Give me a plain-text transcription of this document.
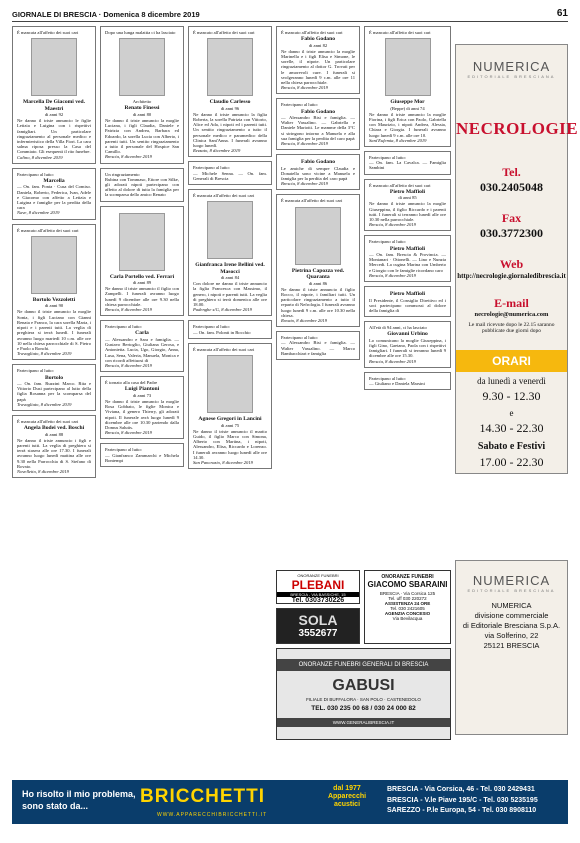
GIORNALE DI BRESCIA · Domenica 8 dicembre 2019	61
È mancata all'affetto dei suoi cari
Marcella De Giacomi ved. Maestri
di anni 92
Ne danno il triste annuncio le figlie Letizia e Luigina con i rispettivi famigliari. Un particolare ringraziamento al personale medico e infermieristico della Villa Fiori. La cara salma riposa presso la Casa del Commiato. Gli esequenti il rito funebre.
Calino, 8 dicembre 2019
Partecipano al lutto:
Marcella
— On. fam. Ponta · Cusa del Comiso. Daniela, Roberto, Federica, Ivan, Adele e Giacomo con affetto a Letizia e Luigina e famiglie per la perdita della cara
Nave, 8 dicembre 2019
È mancato all'affetto dei suoi cari
Bortolo Vezzoletti
di anni 90
Ne danno il triste annuncio la moglie Sonia, i figli Luciano con Gianni Renata e Franco, la cara sorella Maria, i nipoti e i parenti tutti. La veglia di preghiera si terrà lunedì. I funerali avranno luogo martedì 10 c.m. alle ore 10 nella chiesa parrocchiale di S. Pietro e Paolo a Ronchi.
Travagliato, 8 dicembre 2019
Partecipano al lutto:
Bortolo
— On. fam. Ruzzini Marco. Rita e Vittorio Dusi partecipano al lutto della figlia Rosanna per la scomparsa del papà
Travagliato, 8 dicembre 2019
È mancata all'affetto dei suoi cari
Angela Bodei ved. Boschi
di anni 88
Ne danno il triste annuncio i figli e parenti tutti. La veglia di preghiera si terrà stasera alle ore 17.30. I funerali avranno luogo lunedì mattina alle ore 9.30 nella Parrocchia di S. Stefano di Rovato.
Novelletto, 8 dicembre 2019
Dopo una lunga malattia ci ha lasciato
Architetto
Renato Finessi
di anni 80
Ne danno il triste annuncio la moglie Luciana, i figli Claudia, Daniele e Patrizia con Andrea, Barbara ed Edoardo, la sorella Lucia con Alberto, i parenti tutti. Un sentito ringraziamento a tutto il personale del Hospice San Camillo.
Brescia, 8 dicembre 2019
Un ringraziamento
Rubina con Tommaso, Ettore con Silke, gli adorati nipoti partecipano con affetto al dolore di tutta la famiglia per la scomparsa dello amico Renato
Carla Portello ved. Ferrari
di anni 89
Ne danno il triste annuncio il figlio con Zampelli. I funerali avranno luogo lunedì 9 dicembre alle ore 9.30 nella chiesa parrocchiale.
Brescia, 8 dicembre 2019
Partecipano al lutto:
Carla
— Alessandro e Sara e famiglia. — Gustavo Bertoglio, Giuliana Gerosa, e Antonietta. Lucia, Ugo, Giorgio, Anna, Lusa, Sena, Valeria, Manuela, Monica e con ricordi affettuosi di
Brescia, 8 dicembre 2019
È tornato alla casa del Padre
Luigi Piantoni
di anni 73
Ne danno il triste annuncio la moglie Rosa Gobbato, le figlie Monica e Viviana, il genero Thierry, gli adorati nipoti. Il funerale avrà luogo lunedì 9 dicembre alle ore 10.30 partendo dalla Domus Salutis.
Brescia, 8 dicembre 2019
Partecipano al lutto:
— Gianfranco Zammarchi e Michela Bontempi
È mancato all'affetto dei suoi cari
Claudio Carlesso
di anni 96
Ne danno il triste annuncio la figlia Roberta, la sorella Patrizia con Vittorio, Alice ed Ada, i nipoti ed i parenti tutti. Un sentito ringraziamento a tutto il personale medico e paramedico della Clinica Sant'Anna. I funerali avranno luogo lunedì.
Rezzato, 8 dicembre 2019
Partecipano al lutto:
— Michele Senna. — On. fam. Generali di Brescia
È mancata all'affetto dei suoi cari
Gianfranca Irene Bellini ved. Masocci
di anni 84
Con dolore ne danno il triste annuncio la figlia Francesca con Massimo, il genero, i nipoti e parenti tutti. La veglia di preghiera si terrà domenica alle ore 18.00.
Padenghe s/G, 8 dicembre 2019
Partecipano al lutto:
— On. fam. Polonti in Bocchio
È mancata all'affetto dei suoi cari
Agnese Gregori in Lancini
di anni 75
Ne danno il triste annuncio il marito Guido, il figlio Marco con Simona, Alberto con Martina, i nipoti, Alessandro, Elisa, Riccardo e Lorenzo. I funerali avranno luogo lunedì alle ore 14.30.
San Pancrazio, 8 dicembre 2019
È mancato all'affetto dei suoi cari
Fabio Godano
di anni 82
Ne danno il triste annuncio la moglie Marinella e i figli Elisa e Simone, le sorelle, il nipote. Un particolare ringraziamento al dottor G. Trovati per le amorevoli cure. I funerali si svolgeranno lunedì 9 c.m. alle ore 11 nella chiesa parrocchiale.
Brescia, 8 dicembre 2019
Partecipano al lutto:
Fabio Godano
— Alessandro Bisi e famiglia. — Walter Vassalino. — Gabriella e Daniele Mariotti. Le mamme della 3°C si stringono intorno a Manuela e alla sua famiglia per la perdita del caro papà
Brescia, 8 dicembre 2019
Fabio Godano
Le amiche di sempre Claudia e Donatella sono vicine a Manuela e famiglia per la perdita del caro papà
Brescia, 8 dicembre 2019
È mancata all'affetto dei suoi cari
Pietrina Capozza ved. Quaranta
di anni 86
Ne danno il triste annuncio il figlio Rocco, il nipote, i familiari tutti. Un particolare ringraziamento a tutto il reparto di Nefrologia. I funerali avranno luogo lunedì 9 c.m. alle ore 10.30 nella chiesa.
Rovato, 8 dicembre 2019
Partecipano al lutto:
— Alessandro Bisi e famiglia. — Walter Vassalino. — Marco Bambacchiari e famiglia
È mancato all'affetto dei suoi cari
Giuseppe Mor
(Beppe) di anni 74
Ne danno il triste annuncio la moglie Fiorina, i figli Erica con Paolo, Gabriella con Maurizio, i nipoti Andrea, Alessia, Chiara e Giorgia. I funerali avranno luogo lunedì 9 c.m. alle ore 10.
Sant'Eufemia, 8 dicembre 2019
Partecipano al lutto:
— On. fam. La Cavalca. — Famiglia Sambini
È mancato all'affetto dei suoi cari
Pietro Maffioli
di anni 85
Ne danno il triste annuncio la moglie Giuseppina, il figlio Riccardo e i parenti tutti. I funerali si terranno lunedì alle ore 10.30 nella parrocchiale.
Brescia, 8 dicembre 2019
Partecipano al lutto:
Pietro Maffioli
— On. fam. Brescia & Provincia. — Montanari · Ottonelli. — Lino e Nunzia Mercedi. La cugina Marina con Umberto e Giorgio con le famiglie ricordano caro
Brescia, 8 dicembre 2019
Pietro Maffioli
Il Presidente, il Consiglio Direttivo ed i soci partecipano commossi al dolore della famiglia di
All'età di 94 anni, ci ha lasciato
Giovanni Urbino
Lo comunicano la moglie Giuseppina, i figli Gino, Gaetano, Paola con i rispettivi famigliari. I funerali si terranno lunedì 9 dicembre alle ore 15.30.
Brescia, 8 dicembre 2019
Partecipano al lutto:
— Giuliano e Daniela Marsini
ONORANZE FUNEBRI
PLEBANI
BRESCIA - VIA BASSICHE, 15
Tel. 0303730226
SOLA
3552677
ONORANZE FUNEBRI
GIACOMO SBARAINI
BRESCIA · Via Corsica 125
Tel. uff 030 220272
ASSISTENZA 24 ORE
Tel. 030 2421605
AGENZIA CONCESIO
Via Bevilacqua
ONORANZE FUNEBRI GENERALI DI BRESCIA
GABUSI
FILIALE DI BUFFALORA · SAN POLO · CASTENEDOLO
TEL. 030 235 00 68 / 030 24 000 82
WWW.GENERALIBRESCIA.IT
NUMERICA
EDITORIALE BRESCIANA
NECROLOGIE
Tel.
030.2405048
Fax
030.3772300
Web
http://necrologie.giornaledibrescia.it
E-mail
necrologie@numerica.com
Le mail ricevute dopo le 22.15 saranno pubblicate due giorni dopo
ORARI
da lunedì a venerdì
9.30 - 12.30
e
14.30 - 22.30
Sabato e Festivi
17.00 - 22.30
NUMERICA
EDITORIALE BRESCIANA
NUMERICA
divisione commerciale
di Editoriale Bresciana S.p.A.
via Solferino, 22
25121 BRESCIA
Ho risolto il mio problema,
sono stato da...	BRICCHETTI
WWW.APPARECCHIBRICCHETTI.IT
dal 1977
Apparecchi
acustici
BRESCIA - Via Corsica, 46 - Tel. 030 2429431
BRESCIA - V.le Piave 195/C - Tel. 030 5235195
SAREZZO - P.le Europa, 54 - Tel. 030 8908110
